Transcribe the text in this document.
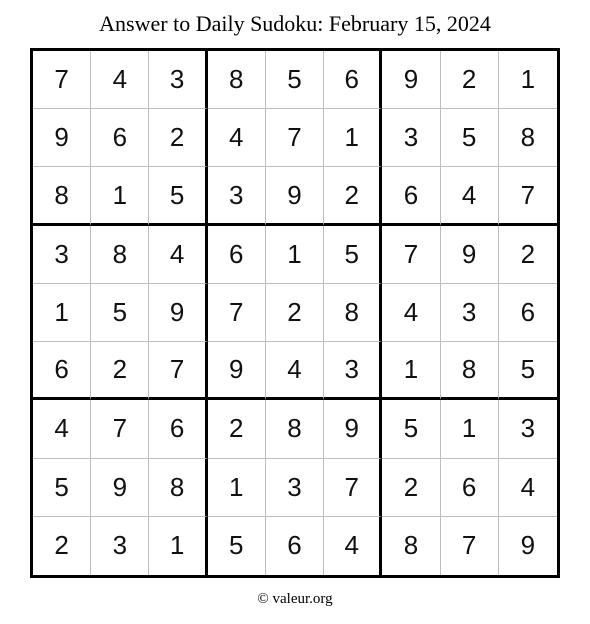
Answer to Daily Sudoku: February 15, 2024
7	4	3	8	5	6	9	2	1
9	6	2	4	7	1	3	5	8
8	1	5	3	9	2	6	4	7
3	8	4	6	1	5	7	9	2
1	5	9	7	2	8	4	3	6
6	2	7	9	4	3	1	8	5
4	7	6	2	8	9	5	1	3
5	9	8	1	3	7	2	6	4
2	3	1	5	6	4	8	7	9
© valeur.org
